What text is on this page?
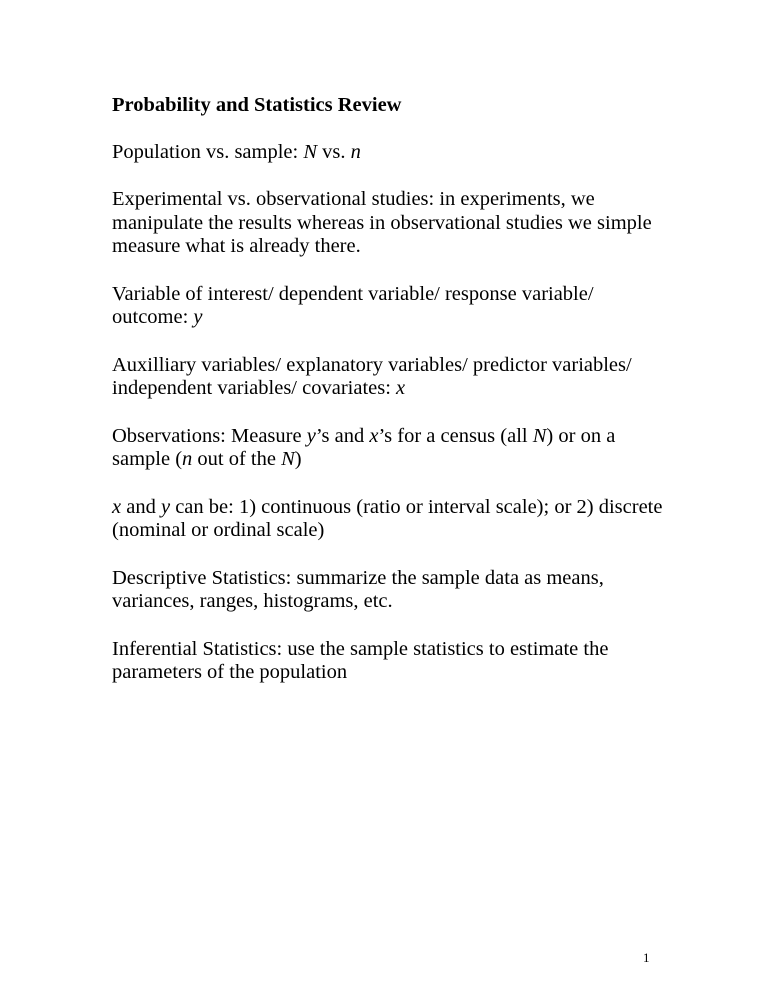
Probability and Statistics Review
Population vs. sample: N vs. n
Experimental vs. observational studies: in experiments, we manipulate the results whereas in observational studies we simple measure what is already there.
Variable of interest/ dependent variable/ response variable/ outcome: y
Auxilliary variables/ explanatory variables/ predictor variables/ independent variables/ covariates: x
Observations: Measure y’s and x’s for a census (all N) or on a sample (n out of the N)
x and y can be: 1) continuous (ratio or interval scale); or 2) discrete (nominal or ordinal scale)
Descriptive Statistics: summarize the sample data as means, variances, ranges, histograms, etc.
Inferential Statistics: use the sample statistics to estimate the parameters of the population
1
